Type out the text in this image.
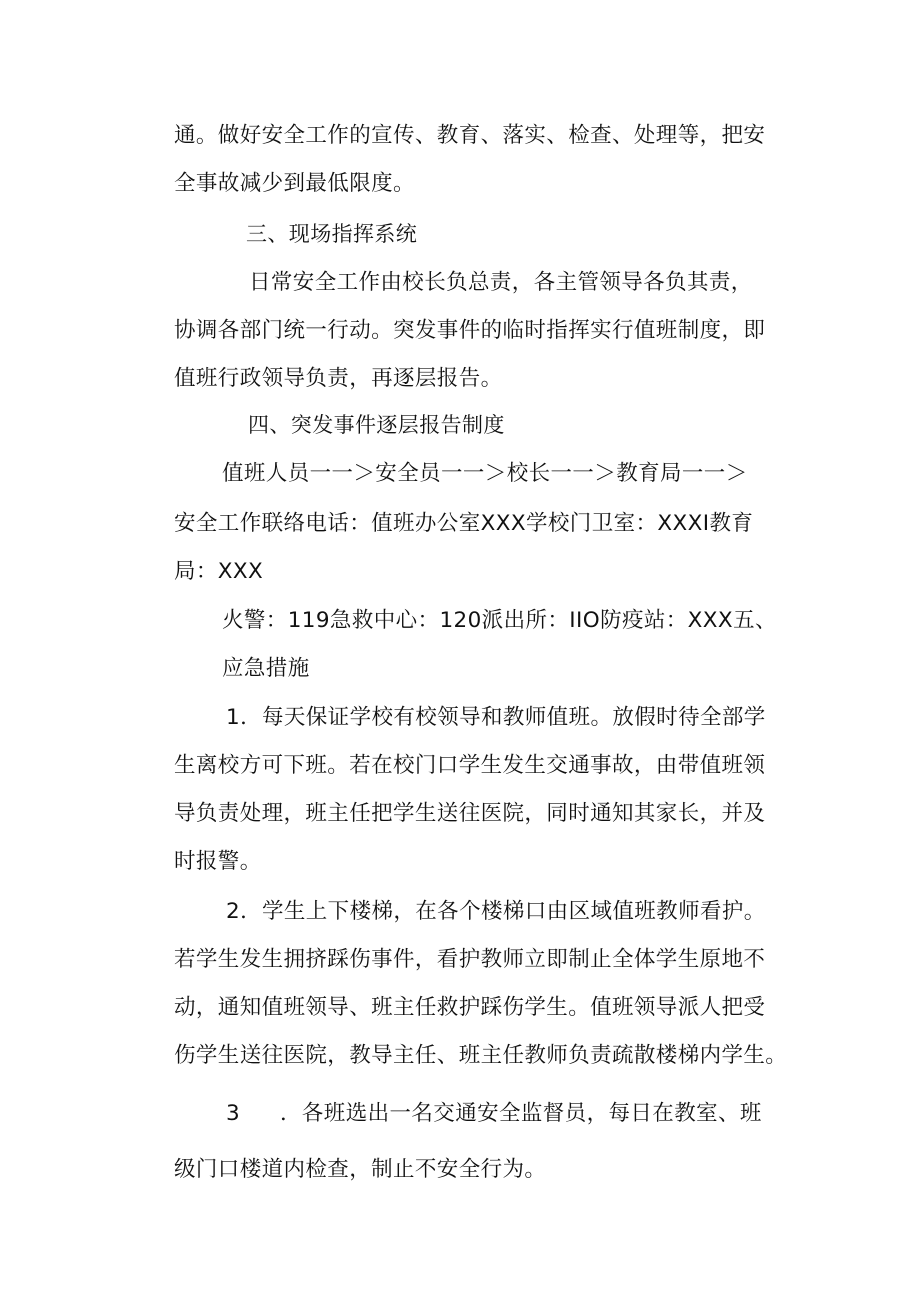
通。做好安全工作的宣传、教育、落实、检查、处理等，把安

全事故减少到最低限度。

三、现场指挥系统

日常安全工作由校长负总责，各主管领导各负其责，

协调各部门统一行动。突发事件的临时指挥实行值班制度，即

值班行政领导负责，再逐层报告。

四、突发事件逐层报告制度

值班人员一一＞安全员一一＞校长一一＞教育局一一＞

安全工作联络电话：值班办公室XXX学校门卫室：XXXI教育

局：XXX

火警：119急救中心：120派出所：IIO防疫站：XXX五、

应急措施

1．每天保证学校有校领导和教师值班。放假时待全部学

生离校方可下班。若在校门口学生发生交通事故，由带值班领

导负责处理，班主任把学生送往医院，同时通知其家长，并及

时报警。

2．学生上下楼梯，在各个楼梯口由区域值班教师看护。

若学生发生拥挤踩伤事件，看护教师立即制止全体学生原地不

动，通知值班领导、班主任救护踩伤学生。值班领导派人把受

伤学生送往医院，教导主任、班主任教师负责疏散楼梯内学生。

3 ．各班选出一名交通安全监督员，每日在教室、班

级门口楼道内检查，制止不安全行为。
